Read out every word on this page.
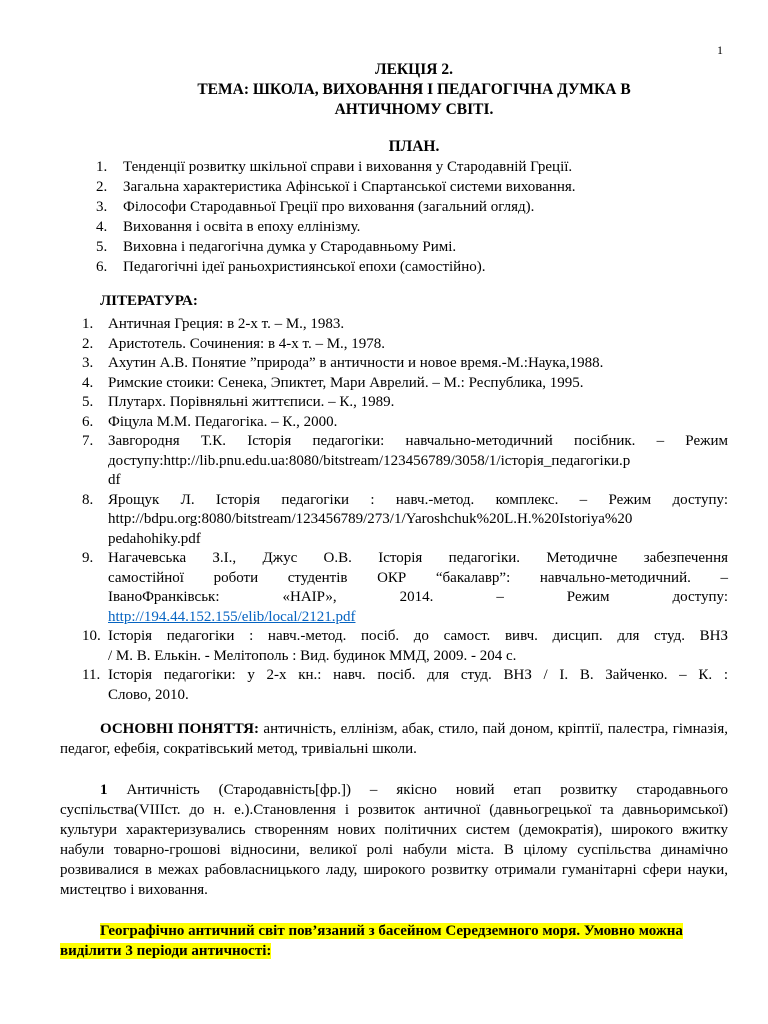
1
ЛЕКЦІЯ 2.
ТЕМА: ШКОЛА, ВИХОВАННЯ І ПЕДАГОГІЧНА ДУМКА В
АНТИЧНОМУ СВІТІ.
ПЛАН.
1.	Тенденції розвитку шкільної справи і виховання у Стародавній Греції.
2.	Загальна характеристика Афінської і Спартанської системи виховання.
3.	Філософи Стародавньої Греції про виховання (загальний огляд).
4.	Виховання і освіта в епоху еллінізму.
5.	Виховна і педагогічна думка у Стародавньому Римі.
6.	Педагогічні ідеї раньохристиянської епохи (самостійно).
ЛІТЕРАТУРА:
1. Античная Греция: в 2-х т. – М., 1983.
2. Аристотель. Сочинения: в 4-х т. – М., 1978.
3. Ахутин А.В. Понятие ”природа” в античности и новое время.-М.:Наука,1988.
4. Римские стоики: Сенека, Эпиктет, Мари Аврелий. – М.: Республика, 1995.
5. Плутарх. Порівняльні життєписи. – К., 1989.
6. Фіцула М.М. Педагогіка. – К., 2000.
7. Завгородня Т.К. Історія педагогіки: навчально-методичний посібник. – Режим
доступу:http://lib.pnu.edu.ua:8080/bitstream/123456789/3058/1/історія_педагогіки.p
df
8. Ярощук Л. Історія педагогіки : навч.-метод. комплекс. – Режим доступу:
http://bdpu.org:8080/bitstream/123456789/273/1/Yaroshchuk%20L.H.%20Istoriya%20
pedahohiky.pdf
9. Нагачевська З.І., Джус О.В. Історія педагогіки. Методичне забезпечення
самостійної роботи студентів ОКР “бакалавр”: навчально-методичний. –
ІваноФранківськ: «НАІР», 2014. – Режим доступу:
http://194.44.152.155/elib/local/2121.pdf
10. Історія педагогіки : навч.-метод. посіб. до самост. вивч. дисцип. для студ. ВНЗ
/ М. В. Елькін. - Мелітополь : Вид. будинок ММД, 2009. - 204 с.
11. Історія педагогіки: у 2-х кн.: навч. посіб. для студ. ВНЗ / І. В. Зайченко. – К. :
Слово, 2010.
ОСНОВНІ ПОНЯТТЯ: античність, еллінізм, абак, стило, пай доном, кріптії, палестра, гімназія, педагог, ефебія, сократівський метод, тривіальні школи.
1 Античність (Стародавність[фр.]) – якісно новий етап розвитку стародавнього суспільства(VІІІст. до н. е.).Становлення і розвиток античної (давньогрецької та давньоримської) культури характеризувались створенням нових політичних систем (демократія), широкого вжитку набули товарно-грошові відносини, великої ролі набули міста. В цілому суспільства динамічно розвивалися в межах рабовласницького ладу, широкого розвитку отримали гуманітарні сфери науки, мистецтво і виховання.
Географічно античний світ пов’язаний з басейном Середземного моря. Умовно можна виділити 3 періоди античності:
